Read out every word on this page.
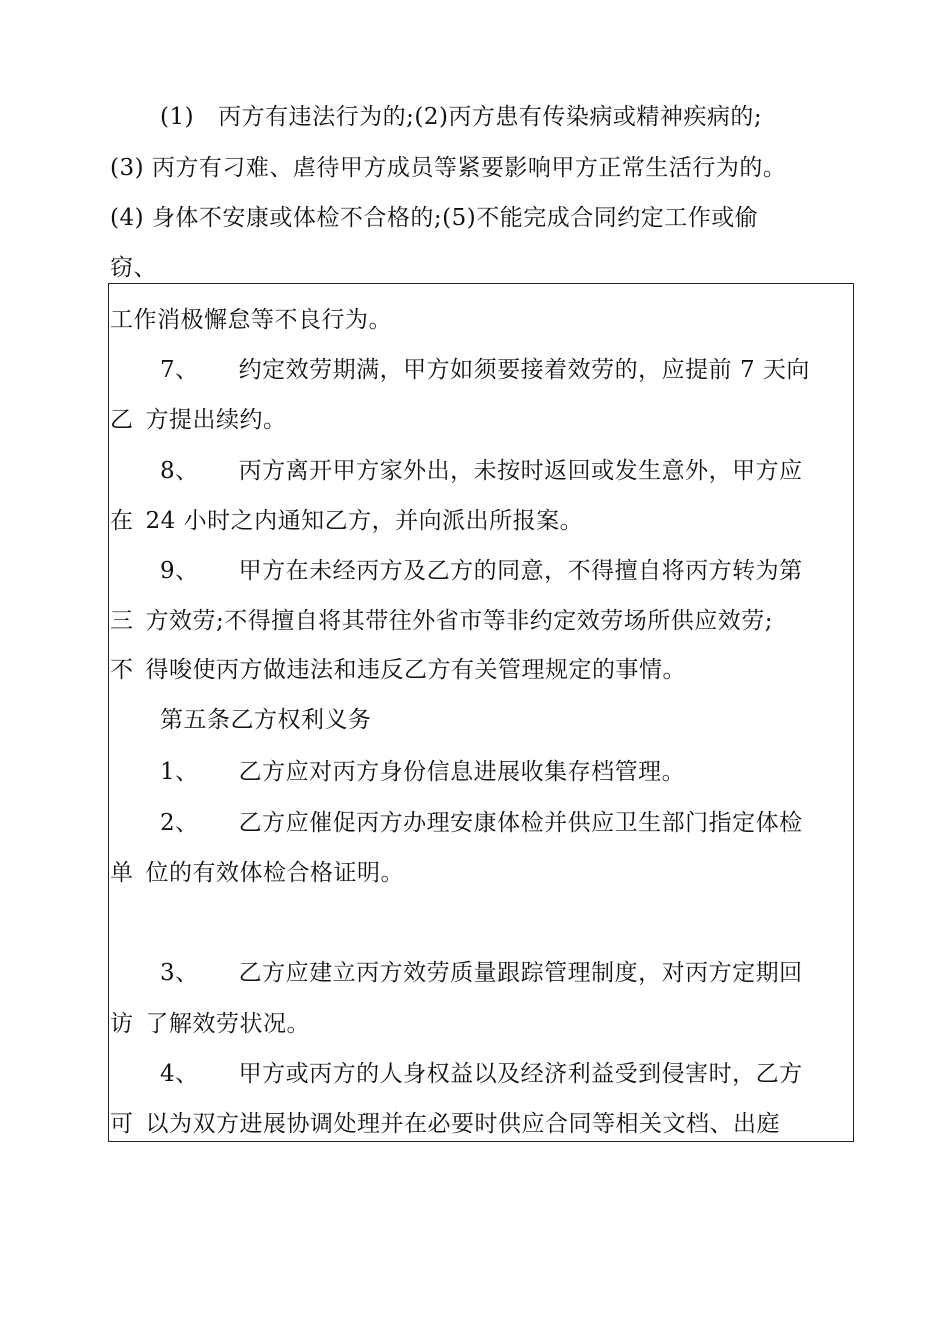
(1) 丙方有违法行为的;(2)丙方患有传染病或精神疾病的;
(3) 丙方有刁难、虐待甲方成员等紧要影响甲方正常生活行为的。
(4) 身体不安康或体检不合格的;(5)不能完成合同约定工作或偷
窃、
工作消极懈怠等不良行为。
7、 约定效劳期满，甲方如须要接着效劳的，应提前 7 天向
乙 方提出续约。
8、 丙方离开甲方家外出，未按时返回或发生意外，甲方应
在 24 小时之内通知乙方，并向派出所报案。
9、 甲方在未经丙方及乙方的同意，不得擅自将丙方转为第
三 方效劳;不得擅自将其带往外省市等非约定效劳场所供应效劳;
不 得唆使丙方做违法和违反乙方有关管理规定的事情。
第五条乙方权利义务
1、 乙方应对丙方身份信息进展收集存档管理。
2、 乙方应催促丙方办理安康体检并供应卫生部门指定体检
单 位的有效体检合格证明。
3、 乙方应建立丙方效劳质量跟踪管理制度，对丙方定期回
访 了解效劳状况。
4、 甲方或丙方的人身权益以及经济利益受到侵害时，乙方
可 以为双方进展协调处理并在必要时供应合同等相关文档、出庭
